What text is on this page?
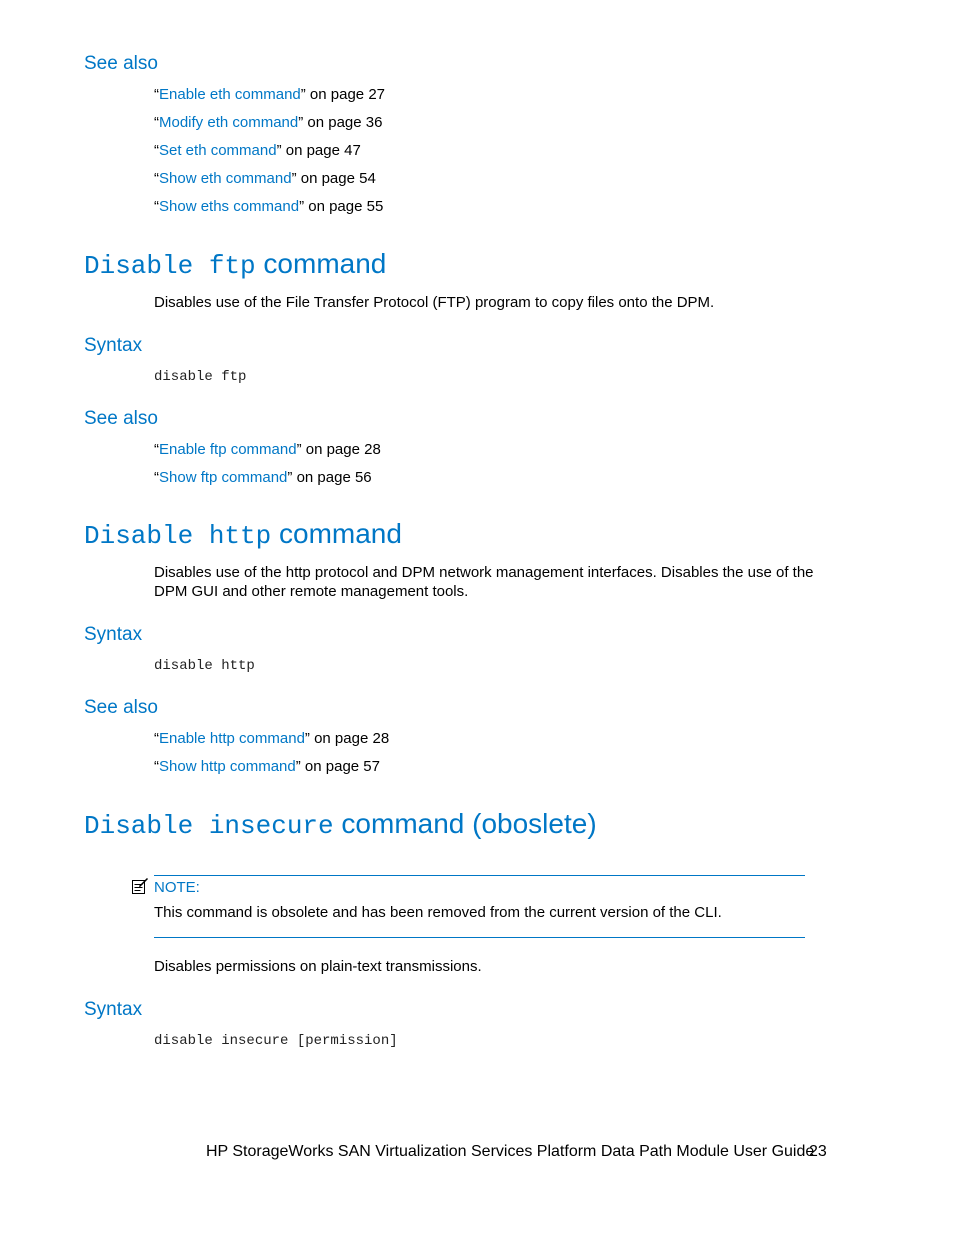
See also
“Enable eth command” on page 27
“Modify eth command” on page 36
“Set eth command” on page 47
“Show eth command” on page 54
“Show eths command” on page 55
Disable ftp command
Disables use of the File Transfer Protocol (FTP) program to copy files onto the DPM.
Syntax
disable ftp
See also
“Enable ftp command” on page 28
“Show ftp command” on page 56
Disable http command
Disables use of the http protocol and DPM network management interfaces. Disables the use of the
DPM GUI and other remote management tools.
Syntax
disable http
See also
“Enable http command” on page 28
“Show http command” on page 57
Disable insecure command (oboslete)
NOTE:
This command is obsolete and has been removed from the current version of the CLI.
Disables permissions on plain-text transmissions.
Syntax
disable insecure [permission]
HP StorageWorks SAN Virtualization Services Platform Data Path Module User Guide
23
